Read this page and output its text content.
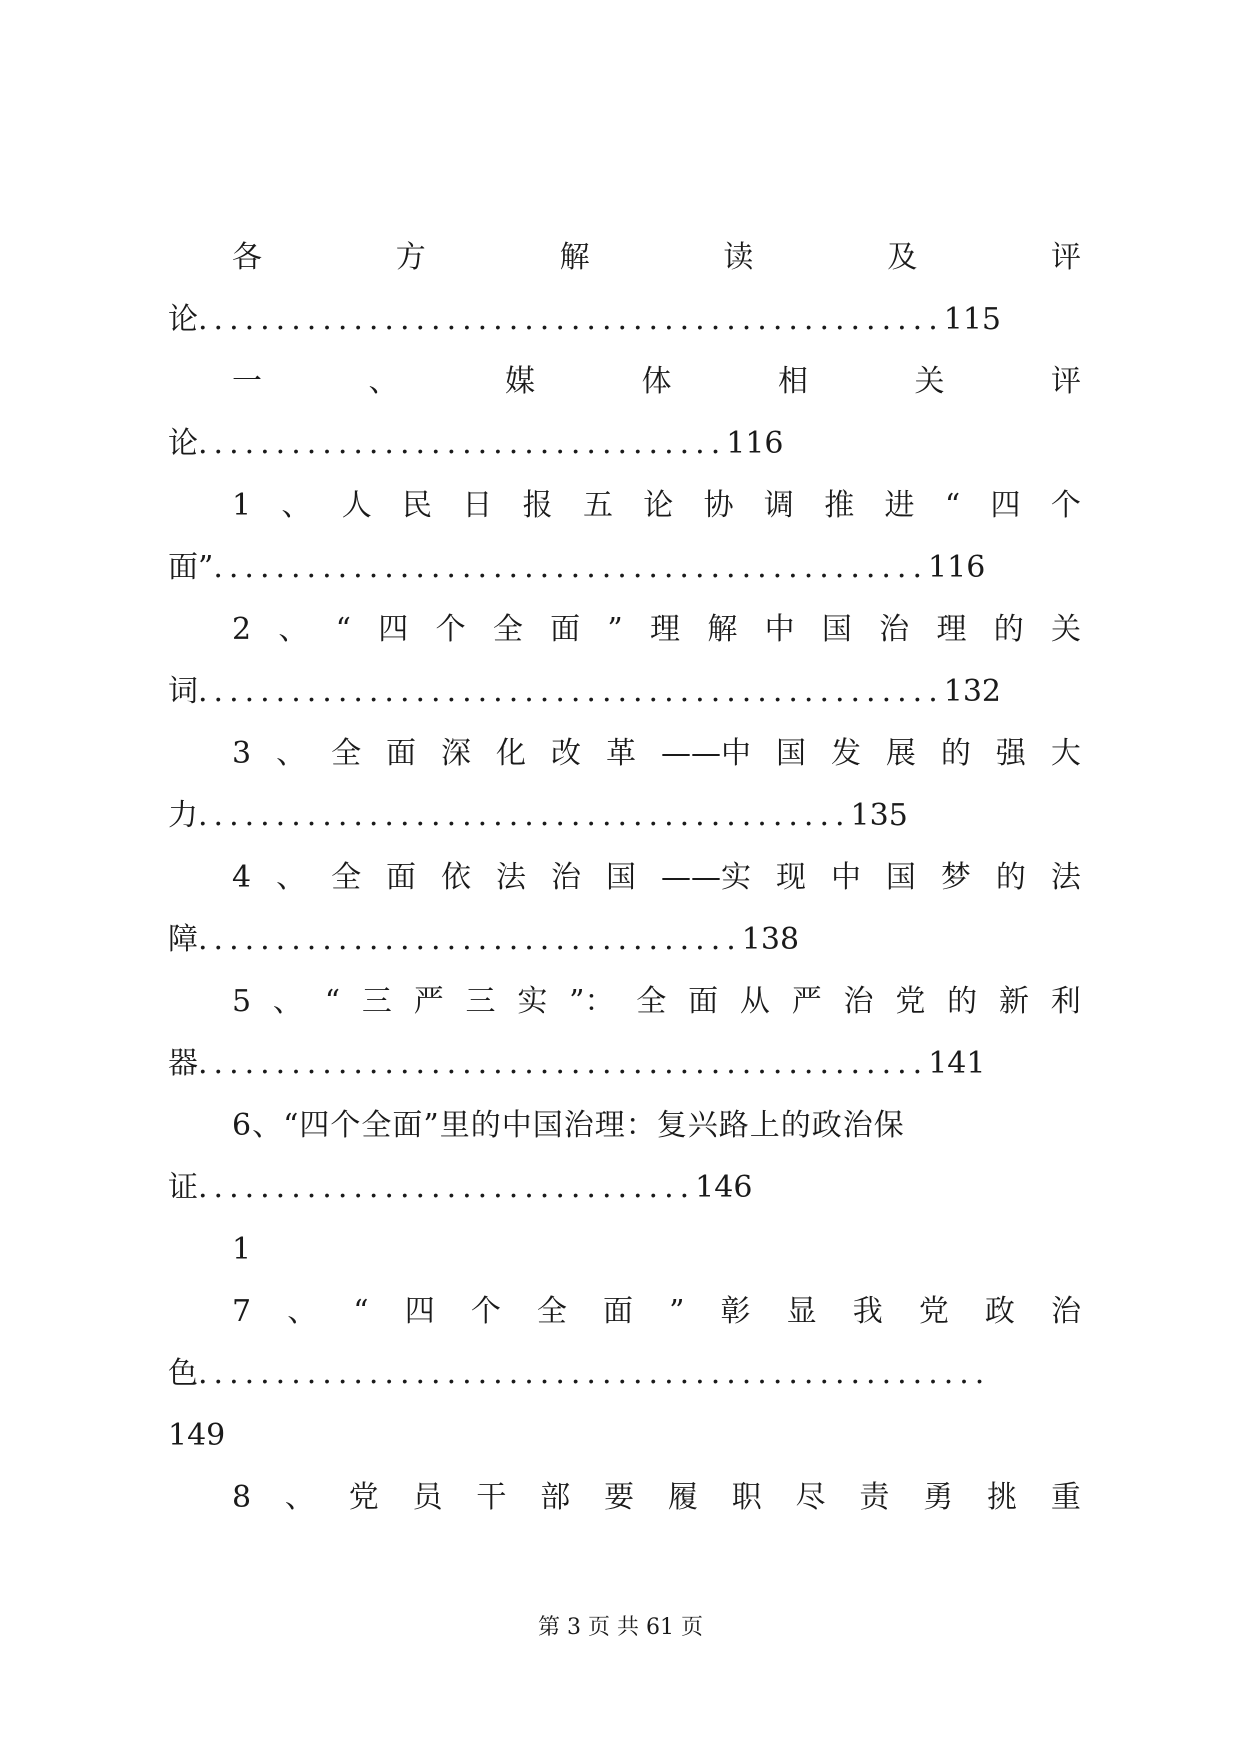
各	方	解	读	及	评
论 ................................................ 115
一	、	媒	体	相	关	评
论 .................................. 116
1 、 人 民 日 报 五 论 协 调 推 进 “ 四 个
面” .............................................. 116
2 、 “ 四 个 全 面 ” 理 解 中 国 治 理 的 关
词 ................................................ 132
3 、 全 面 深 化 改 革 ——中 国 发 展 的 强 大
力 .......................................... 135
4 、 全 面 依 法 治 国 ——实 现 中 国 梦 的 法
障 ................................... 138
5 、 “ 三 严 三 实 ”： 全 面 从 严 治 党 的 新 利
器 ............................................... 141
6、“四个全面”里的中国治理：复兴路上的政治保
证 ................................ 146
1
7 、 “ 四 个 全 面 ” 彰 显 我 党 政 治
色 ...................................................
149
8 、 党 员 干 部 要 履 职 尽 责 勇 挑 重
第 3 页 共 61 页
